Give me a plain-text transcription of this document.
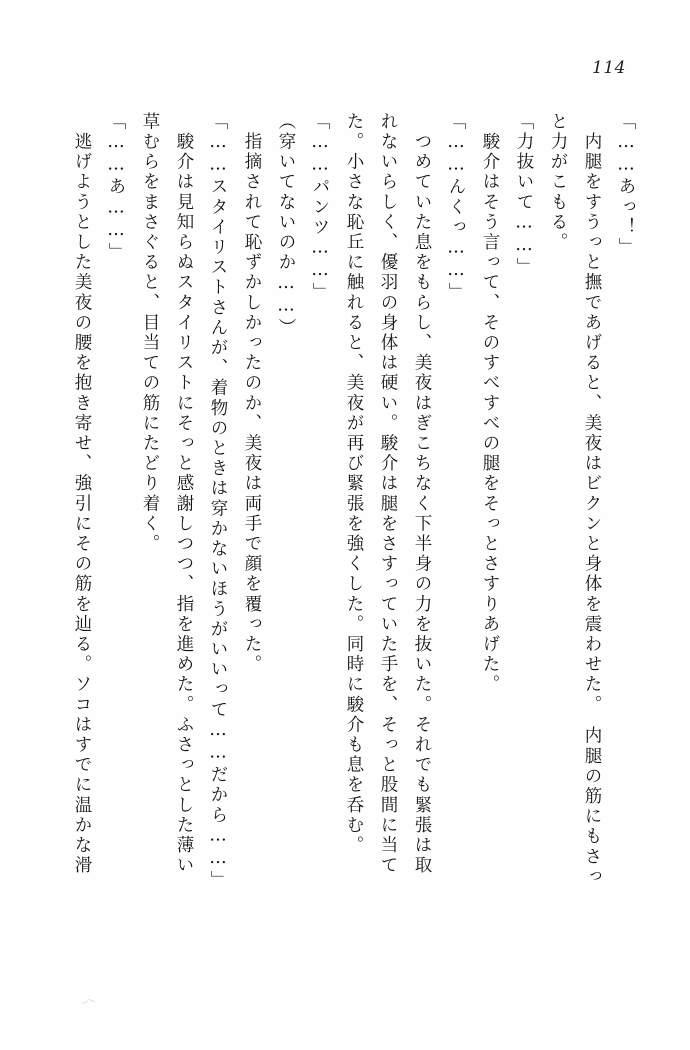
114
「……あっ！」
　内腿をすうっと撫であげると、美夜はビクンと身体を震わせた。　内腿の筋にもさっ
と力がこもる。
「力抜いて……」
　駿介はそう言って、そのすべすべの腿をそっとさすりあげた。
「……んくっ……」
　つめていた息をもらし、美夜はぎこちなく下半身の力を抜いた。それでも緊張は取
れないらしく、優羽の身体は硬い。駿介は腿をさすっていた手を、そっと股間に当て
た。小さな恥丘に触れると、美夜が再び緊張を強くした。同時に駿介も息を呑む。
「……パンツ……」
（穿いてないのか……）
　指摘されて恥ずかしかったのか、美夜は両手で顔を覆った。
「……スタイリストさんが、着物のときは穿かないほうがいいって……だから……」
　駿介は見知らぬスタイリストにそっと感謝しつつ、指を進めた。ふさっとした薄い
草むらをまさぐると、目当ての筋にたどり着く。
「……あ……」
　逃げようとした美夜の腰を抱き寄せ、強引にその筋を辿る。ソコはすでに温かな滑
